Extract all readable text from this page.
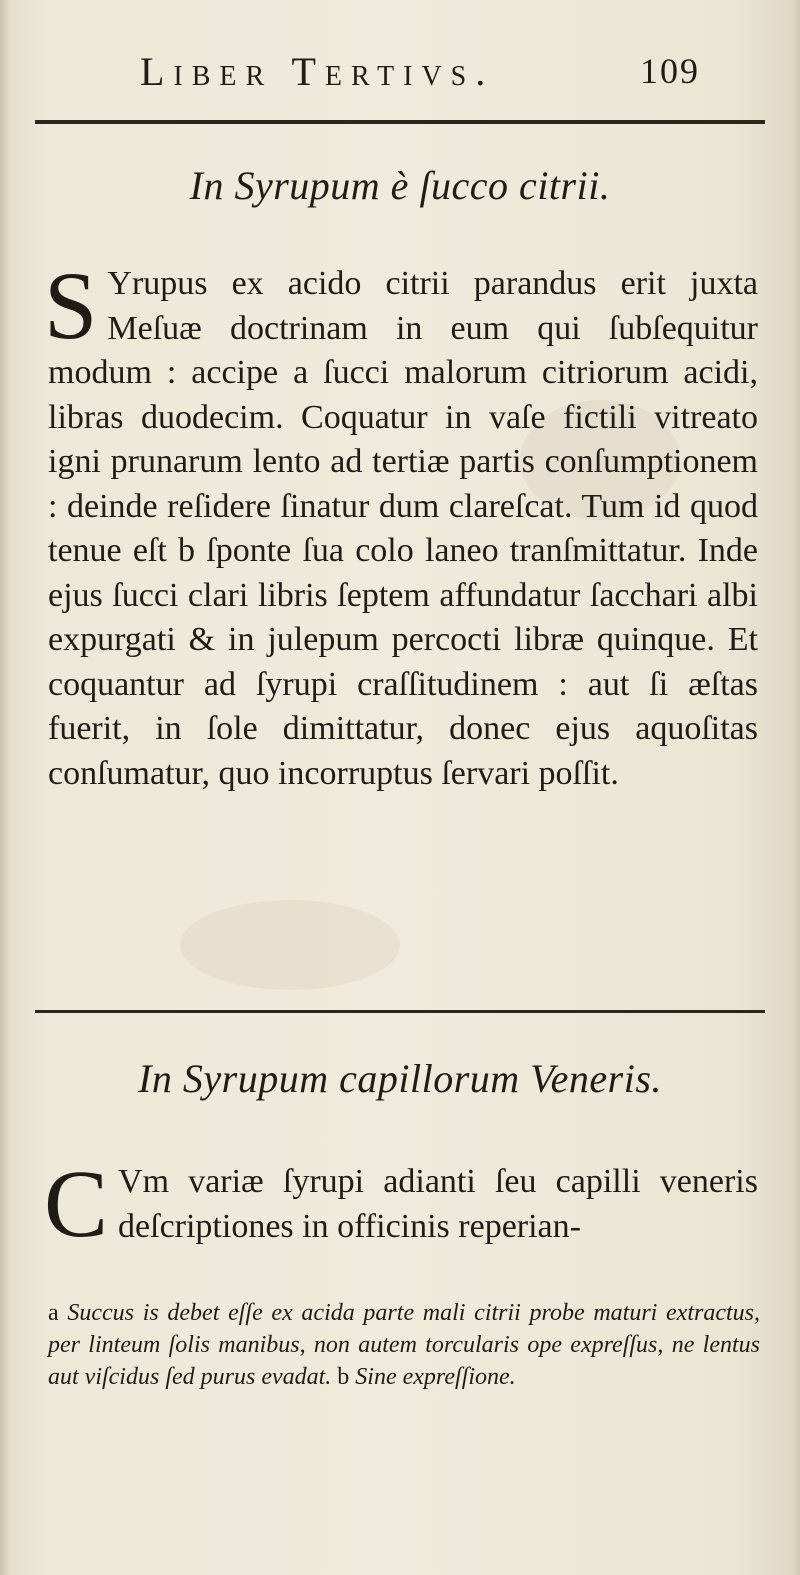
Liber Tertivs.	109
In Syrupum è ſucco citrii.

S Yrupus ex acido citrii parandus erit juxta Meſuæ doctrinam in eum qui ſubſequitur modum : accipe a ſucci malorum citriorum acidi, libras duodecim. Coquatur in vaſe fictili vitreato igni prunarum lento ad tertiæ partis conſumptionem : deinde reſidere ſinatur dum clareſcat. Tum id quod tenue eſt b ſponte ſua colo laneo tranſmittatur. Inde ejus ſucci clari libris ſeptem affundatur ſacchari albi expurgati & in julepum percocti libræ quinque. Et coquantur ad ſyrupi craſſitudinem : aut ſi æſtas fuerit, in ſole dimittatur, donec ejus aquoſitas conſumatur, quo incorruptus ſervari poſſit.

In Syrupum capillorum Veneris.

C Vm variæ ſyrupi adianti ſeu capilli veneris deſcriptiones in officinis reperian-

a Succus is debet eſſe ex acida parte mali citrii probe maturi extractus, per linteum ſolis manibus, non autem torcularis ope expreſſus, ne lentus aut viſcidus ſed purus evadat. b Sine expreſſione.
